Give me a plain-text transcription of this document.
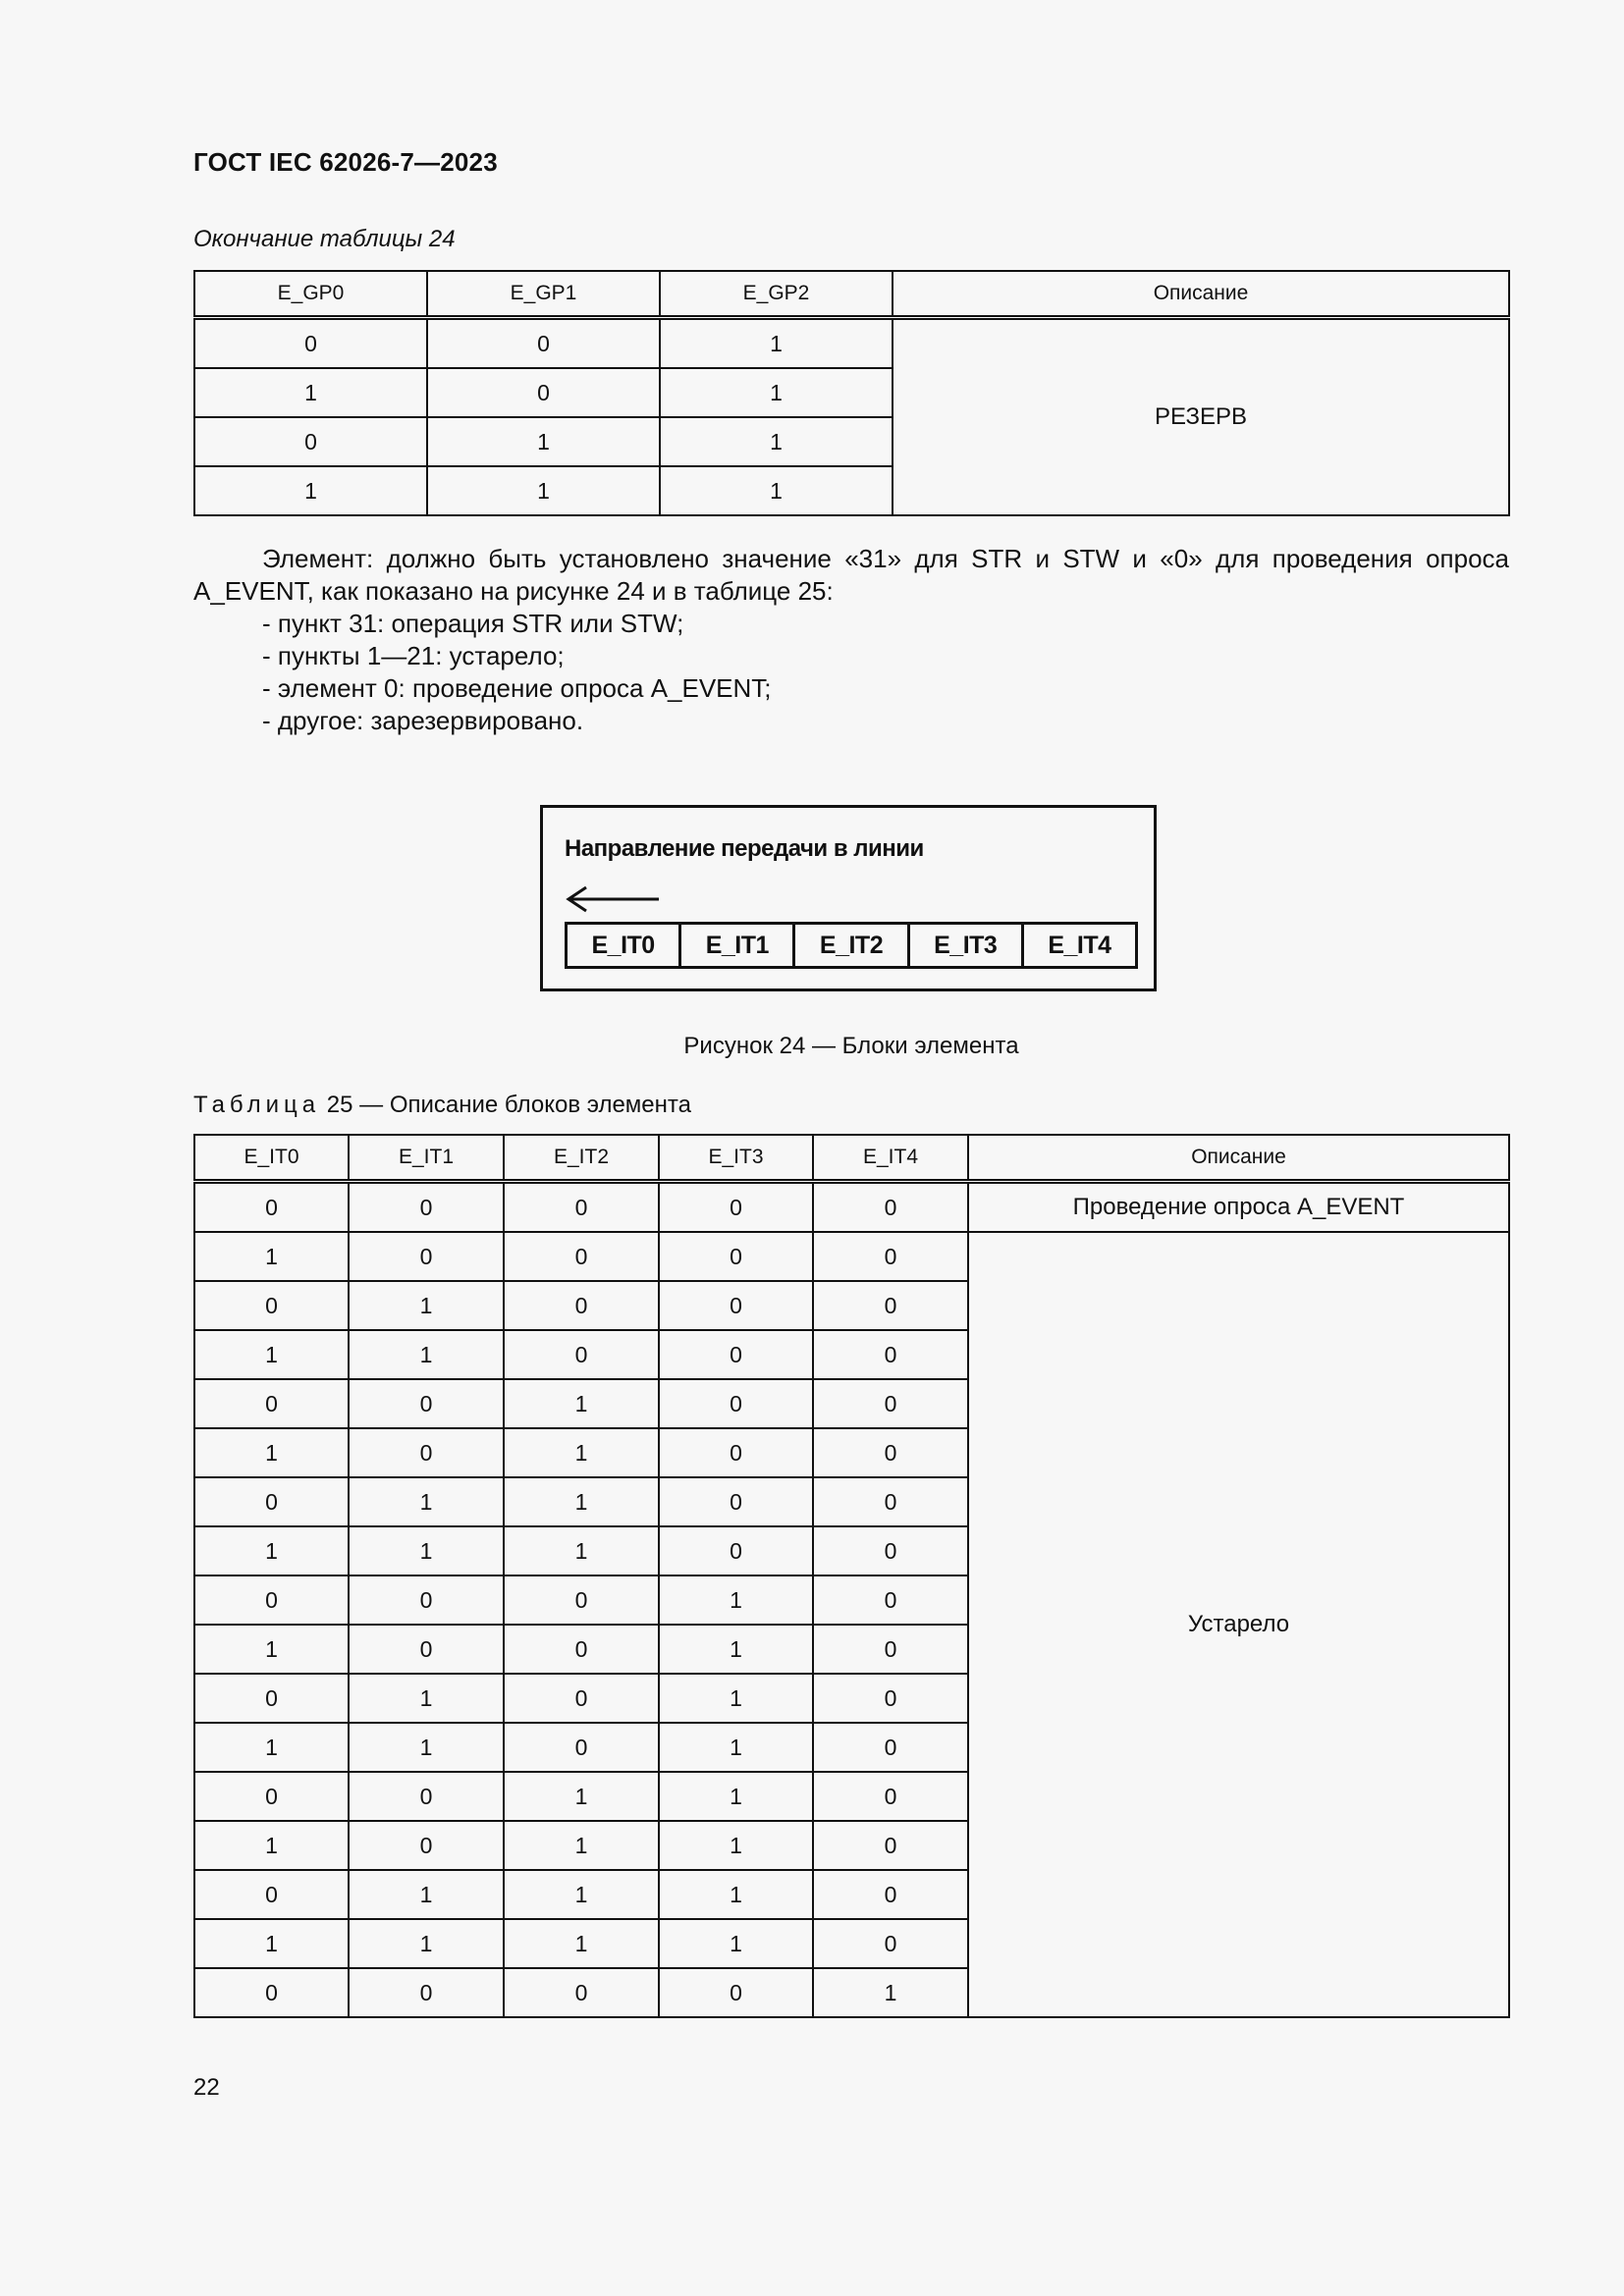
ГОСТ IEC 62026-7—2023
Окончание таблицы 24
E_GP0	E_GP1	E_GP2	Описание
0	0	1	РЕЗЕРВ
1	0	1	
0	1	1	
1	1	1	

Элемент: должно быть установлено значение «31» для STR и STW и «0» для проведения опроса A_EVENT, как показано на рисунке 24 и в таблице 25:

- пункт 31: операция STR или STW;
- пункты 1—21: устарело;
- элемент 0: проведение опроса A_EVENT;
- другое: зарезервировано.
Направление передачи в линии
E_IT0	E_IT1	E_IT2	E_IT3	E_IT4
Рисунок 24 — Блоки элемента
Таблица 25 — Описание блоков элемента
E_IT0	E_IT1	E_IT2	E_IT3	E_IT4	Описание
0	0	0	0	0	Проведение опроса A_EVENT
1	0	0	0	0	Устарело
0	1	0	0	0	
1	1	0	0	0	
0	0	1	0	0	
1	0	1	0	0	
0	1	1	0	0	
1	1	1	0	0	
0	0	0	1	0	
1	0	0	1	0	
0	1	0	1	0	
1	1	0	1	0	
0	0	1	1	0	
1	0	1	1	0	
0	1	1	1	0	
1	1	1	1	0	
0	0	0	0	1	
22
